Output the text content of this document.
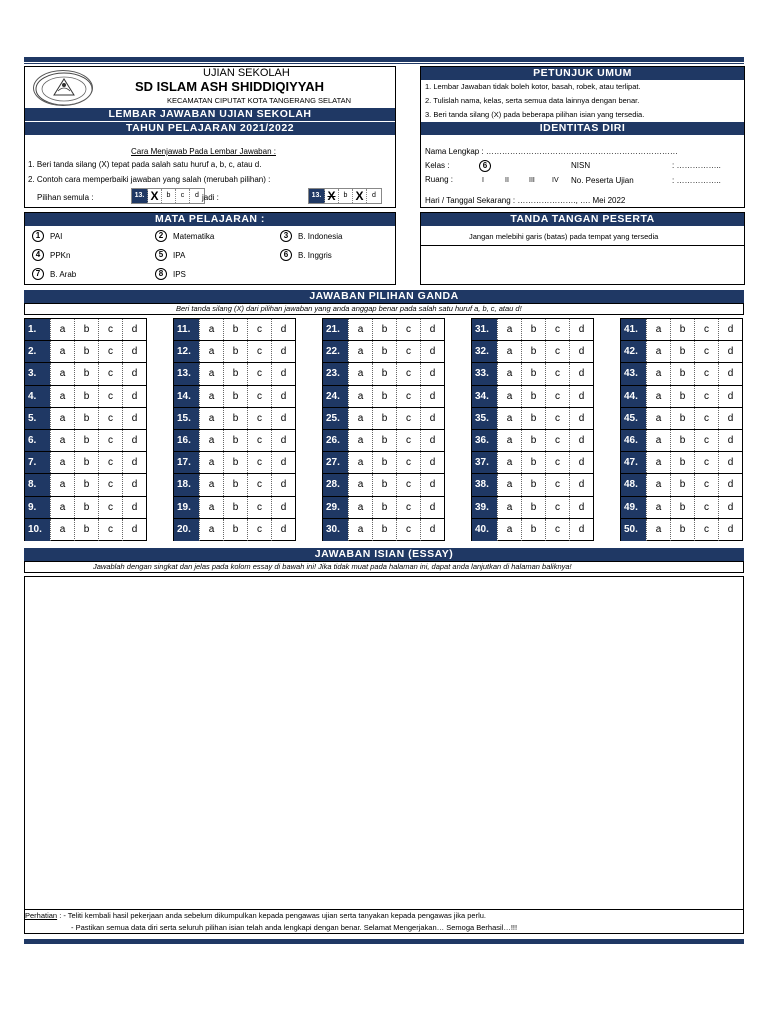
UJIAN SEKOLAH
SD ISLAM ASH SHIDDIQIYYAH
KECAMATAN CIPUTAT KOTA TANGERANG SELATAN
LEMBAR JAWABAN UJIAN SEKOLAH
TAHUN PELAJARAN 2021/2022
Cara Menjawab Pada Lembar Jawaban :
1. Beri tanda silang (X) tepat pada salah satu huruf a, b, c, atau d.
2. Contoh cara memperbaiki jawaban yang salah (merubah pilihan) :
Pilihan semula :	13. X	b	c	d jadi :	13. X	b X	d
PETUNJUK UMUM
1. Lembar Jawaban tidak boleh kotor, basah, robek, atau terlipat.
2. Tulislah nama, kelas, serta semua data lainnya dengan benar.
3. Beri tanda silang (X) pada beberapa pilihan isian yang tersedia.
IDENTITAS DIRI
Nama Lengkap : ………………………………………………………………
Kelas :	6	NISN	: ……………..
Ruang :	I	II	III IV No. Peserta Ujian	: ……………..
Hari / Tanggal Sekarang : …………………., …. Mei 2022
MATA PELAJARAN :
1 PAI	2 Matematika	3 B. Indonesia
4 PPKn	5 IPA	6 B. Inggris
7 B. Arab	8 IPS
TANDA TANGAN PESERTA
Jangan melebihi garis (batas) pada tempat yang tersedia
JAWABAN PILIHAN GANDA
Beri tanda silang (X) dari pilihan jawaban yang anda anggap benar pada salah satu huruf a, b, c, atau d!
1.	a	b	c	d
2.	a	b	c	d
3.	a	b	c	d
4.	a	b	c	d
5.	a	b	c	d
6.	a	b	c	d
7.	a	b	c	d
8.	a	b	c	d
9.	a	b	c	d
10.	a	b	c	d
11.	a	b	c	d
12.	a	b	c	d
13.	a	b	c	d
14.	a	b	c	d
15.	a	b	c	d
16.	a	b	c	d
17.	a	b	c	d
18.	a	b	c	d
19.	a	b	c	d
20.	a	b	c	d
21.	a	b	c	d
22.	a	b	c	d
23.	a	b	c	d
24.	a	b	c	d
25.	a	b	c	d
26.	a	b	c	d
27.	a	b	c	d
28.	a	b	c	d
29.	a	b	c	d
30.	a	b	c	d
31.	a	b	c	d
32.	a	b	c	d
33.	a	b	c	d
34.	a	b	c	d
35.	a	b	c	d
36.	a	b	c	d
37.	a	b	c	d
38.	a	b	c	d
39.	a	b	c	d
40.	a	b	c	d
41.	a	b	c	d
42.	a	b	c	d
43.	a	b	c	d
44.	a	b	c	d
45.	a	b	c	d
46.	a	b	c	d
47.	a	b	c	d
48.	a	b	c	d
49.	a	b	c	d
50.	a	b	c	d
JAWABAN ISIAN (ESSAY)
Jawablah dengan singkat dan jelas pada kolom essay di bawah ini! Jika tidak muat pada halaman ini, dapat anda lanjutkan di halaman baliknya!
Perhatian : - Teliti kembali hasil pekerjaan anda sebelum dikumpulkan kepada pengawas ujian serta tanyakan kepada pengawas jika perlu.
- Pastikan semua data diri serta seluruh pilihan isian telah anda lengkapi dengan benar. Selamat Mengerjakan… Semoga Berhasil…!!!
